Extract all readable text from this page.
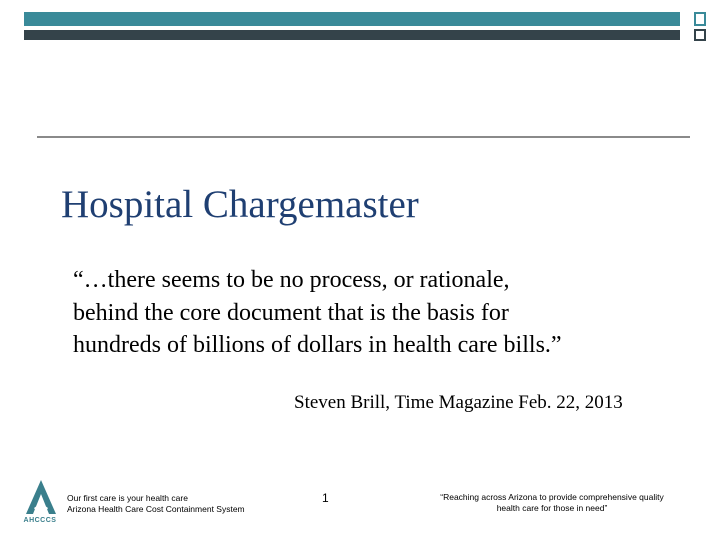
Hospital Chargemaster
“…there seems to be no process, or rationale,
behind the core document that is the basis for
hundreds of billions of dollars in health care bills.”
Steven Brill, Time Magazine Feb. 22, 2013
AHCCCS
Our first care is your health care
Arizona Health Care Cost Containment System
1	“Reaching across Arizona to provide comprehensive quality
health care for those in need”
